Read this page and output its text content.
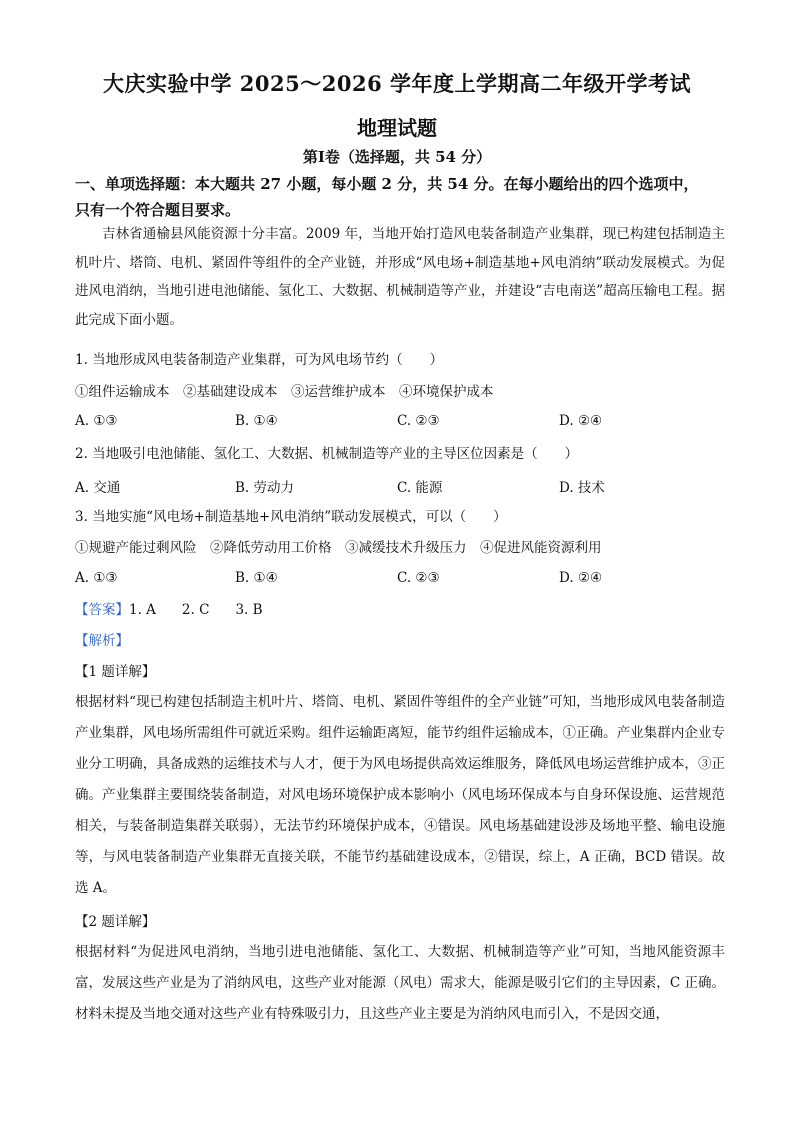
大庆实验中学 2025～2026 学年度上学期高二年级开学考试
地理试题
第Ⅰ卷（选择题，共 54 分）
一、单项选择题：本大题共 27 小题，每小题 2 分，共 54 分。在每小题给出的四个选项中，
只有一个符合题目要求。
吉林省通榆县风能资源十分丰富。2009 年，当地开始打造风电装备制造产业集群，现已构建包括制造主机叶片、塔筒、电机、紧固件等组件的全产业链，并形成“风电场+制造基地+风电消纳”联动发展模式。为促进风电消纳，当地引进电池储能、氢化工、大数据、机械制造等产业，并建设“吉电南送”超高压输电工程。据此完成下面小题。
1. 当地形成风电装备制造产业集群，可为风电场节约（　　）
①组件运输成本　②基础建设成本　③运营维护成本　④环境保护成本
A. ①③	B. ①④	C. ②③	D. ②④
2. 当地吸引电池储能、氢化工、大数据、机械制造等产业的主导区位因素是（　　）
A. 交通	B. 劳动力	C. 能源	D. 技术
3. 当地实施“风电场+制造基地+风电消纳”联动发展模式，可以（　　）
①规避产能过剩风险　②降低劳动用工价格　③减缓技术升级压力　④促进风能资源利用
A. ①③	B. ①④	C. ②③	D. ②④
【答案】1. A 2. C 3. B
【解析】
【1 题详解】
根据材料“现已构建包括制造主机叶片、塔筒、电机、紧固件等组件的全产业链”可知，当地形成风电装备制造产业集群，风电场所需组件可就近采购。组件运输距离短，能节约组件运输成本，①正确。产业集群内企业专业分工明确，具备成熟的运维技术与人才，便于为风电场提供高效运维服务，降低风电场运营维护成本，③正确。产业集群主要围绕装备制造，对风电场环境保护成本影响小（风电场环保成本与自身环保设施、运营规范相关，与装备制造集群关联弱），无法节约环境保护成本，④错误。风电场基础建设涉及场地平整、输电设施等，与风电装备制造产业集群无直接关联，不能节约基础建设成本，②错误，综上，A 正确，BCD 错误。故选 A。
【2 题详解】
根据材料“为促进风电消纳，当地引进电池储能、氢化工、大数据、机械制造等产业”可知，当地风能资源丰富，发展这些产业是为了消纳风电，这些产业对能源（风电）需求大，能源是吸引它们的主导因素，C 正确。材料未提及当地交通对这些产业有特殊吸引力，且这些产业主要是为消纳风电而引入，不是因交通，
